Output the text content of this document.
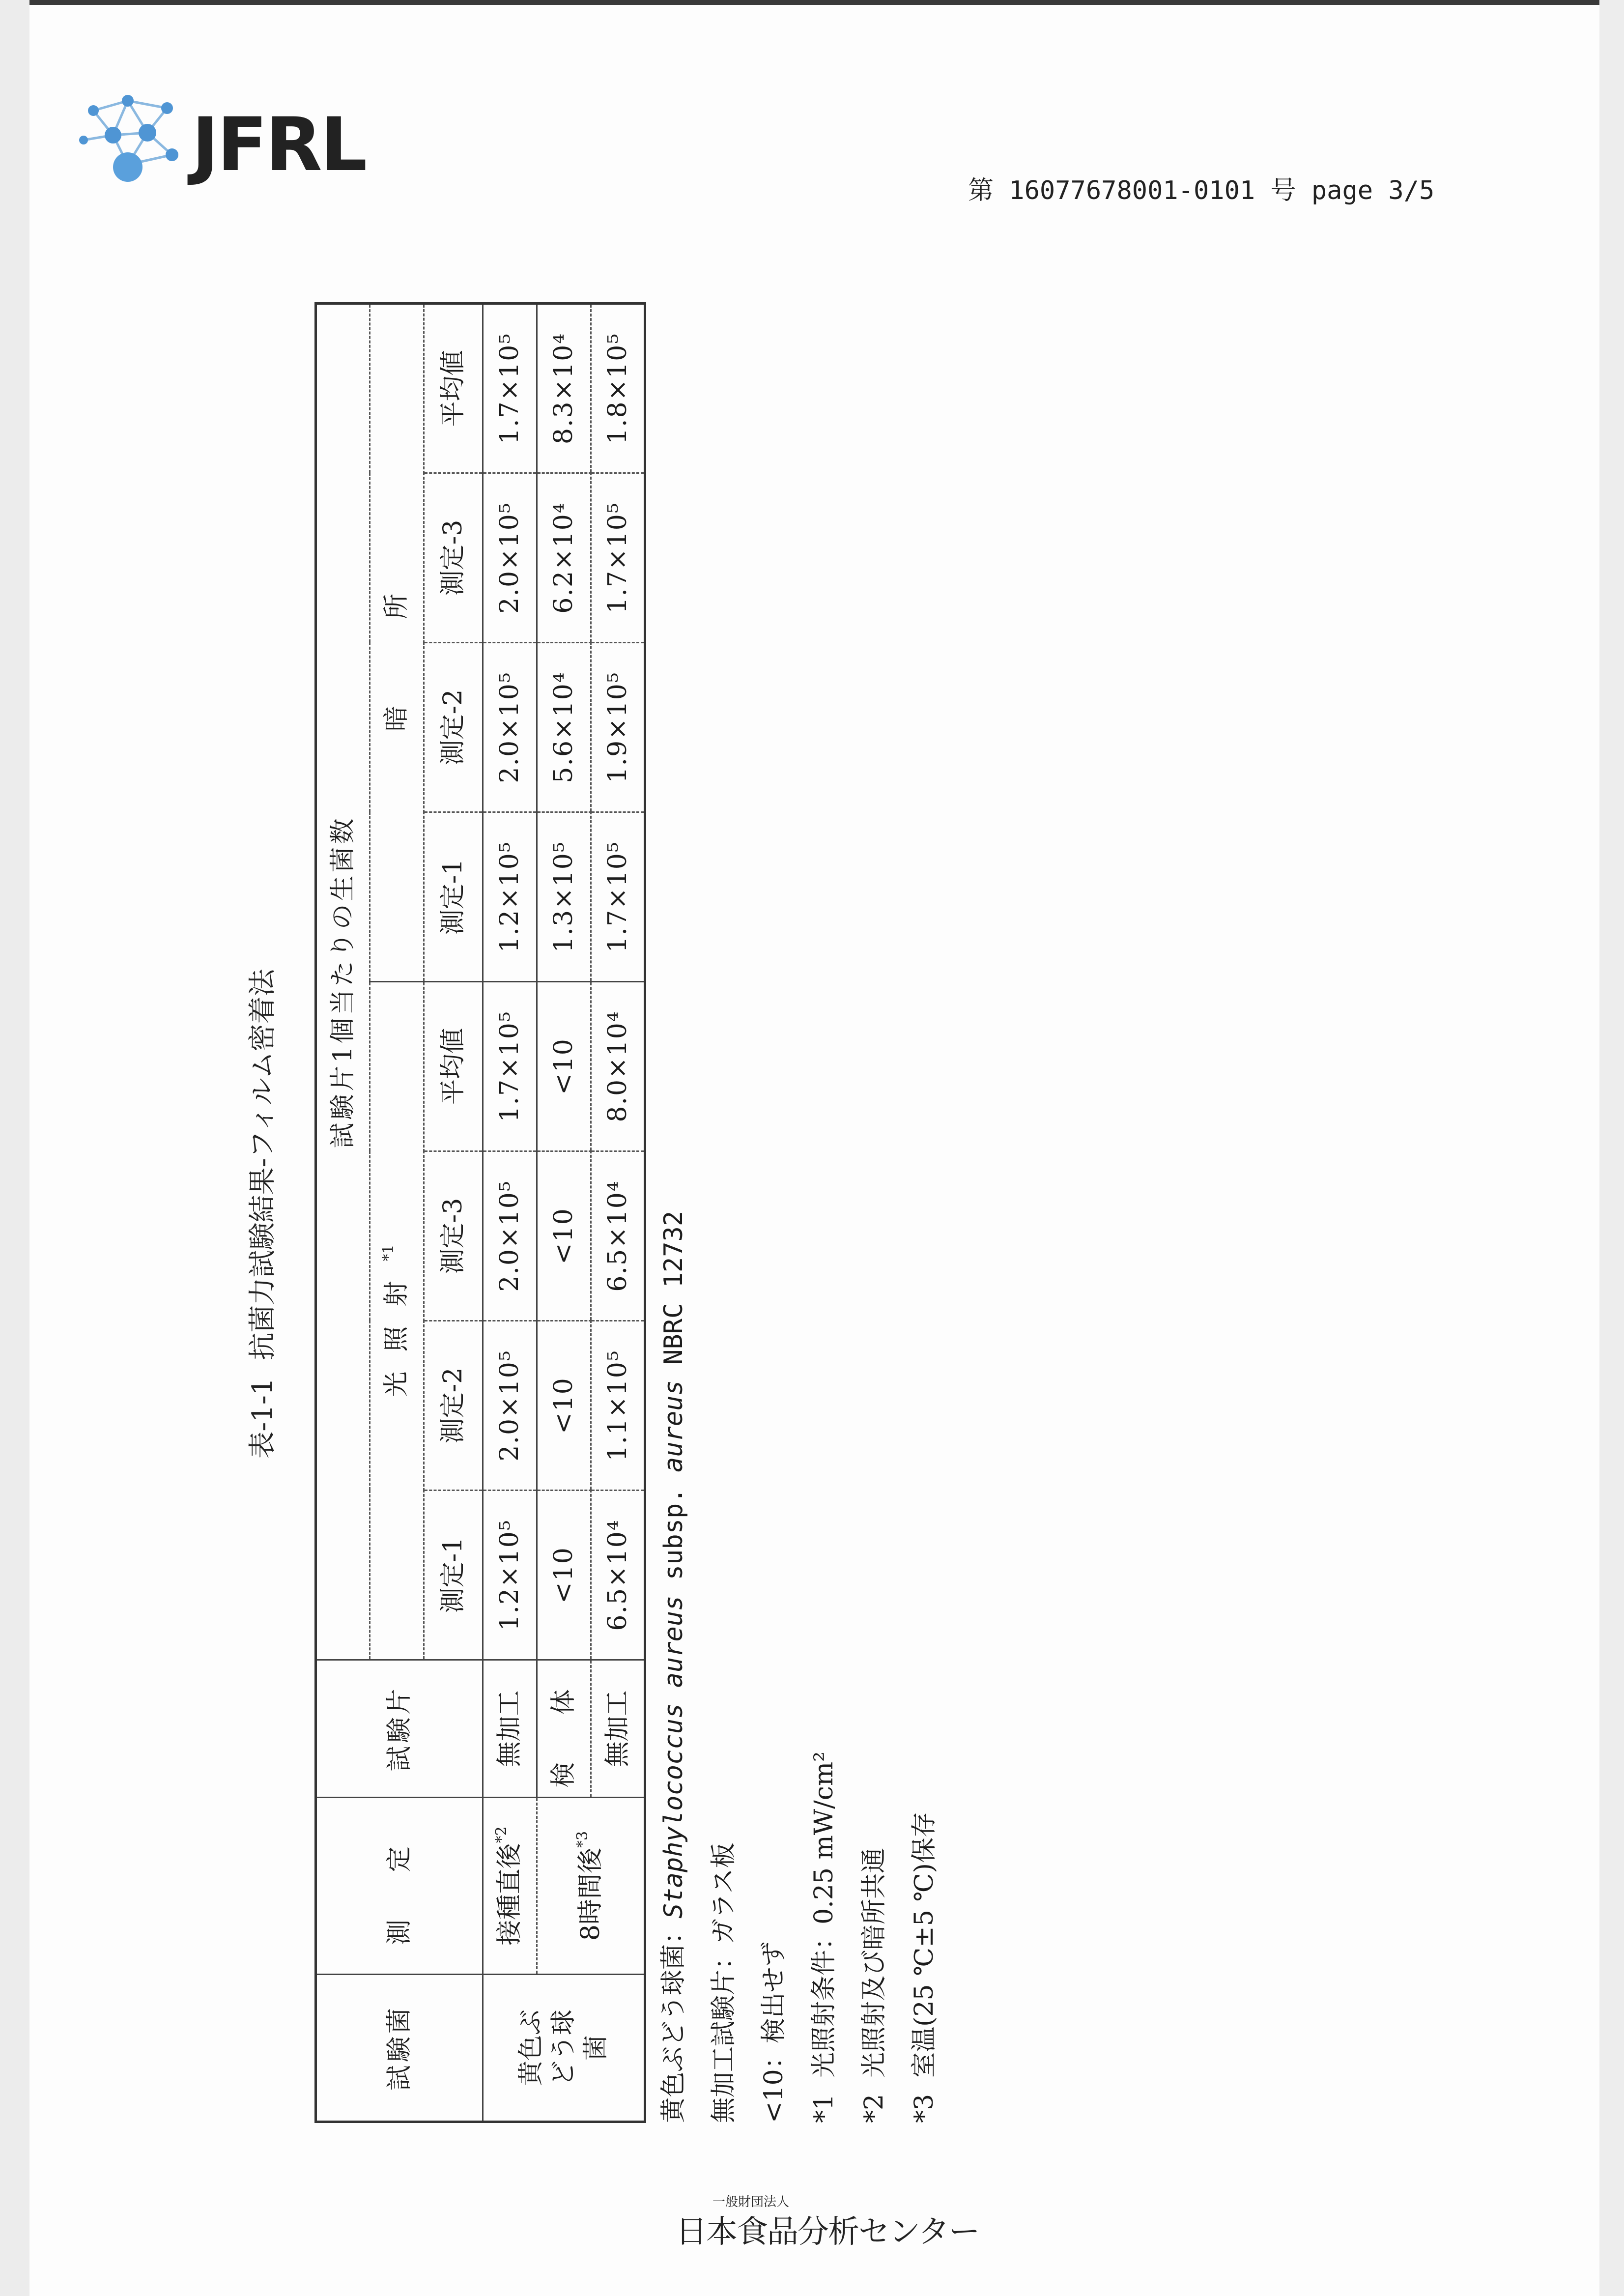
JFRL
第 16077678001-0101 号 page 3/5
表-1-1抗菌力試験結果-フィルム密着法
試験菌	測 定	試験片	試験片1個当たりの生菌数							
			光照射$^{*1}$				暗 所			
			測定-1	測定-2	測定-3	平均値	測定-1	測定-2	測定-3	平均値

黄色ぶどう球菌	接種直後$^{*2}$	無加工	1.2×10⁵	2.0×10⁵	2.0×10⁵	1.7×10⁵	1.2×10⁵	2.0×10⁵	2.0×10⁵	1.7×10⁵
	8時間後$^{*3}$	検 体	<10	<10	<10	<10	1.3×10⁵	5.6×10⁴	6.2×10⁴	8.3×10⁴
		無加工	6.5×10⁴	1.1×10⁵	6.5×10⁴	8.0×10⁴	1.7×10⁵	1.9×10⁵	1.7×10⁵	1.8×10⁵
黄色ぶどう球菌：Staphylococcus aureus subsp. aureus NBRC 12732
無加工試験片：ガラス板 <10：検出せず *1  光照射条件：0.25 mW/cm²
*2  光照射及び暗所共通
*3  室温(25 ℃±5 ℃)保存
一般財団法人
日本食品分析センター
